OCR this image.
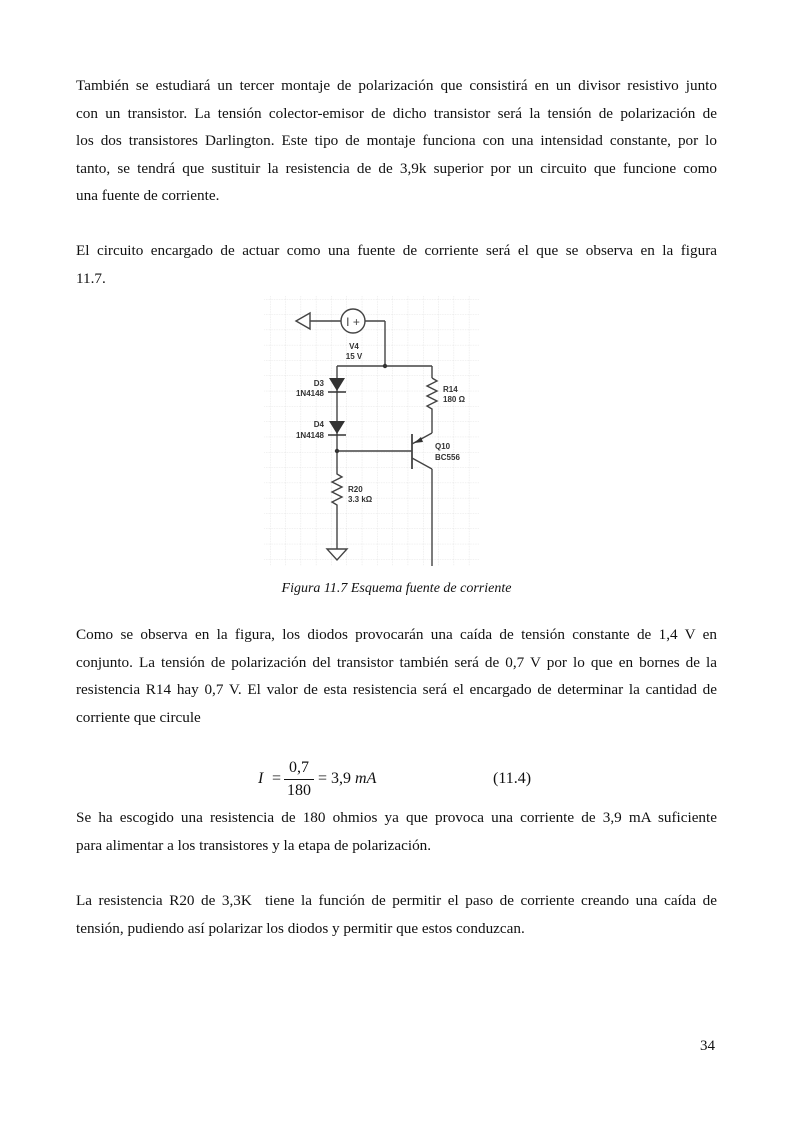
También se estudiará un tercer montaje de polarización que consistirá en un divisor resistivo junto
con un transistor. La tensión colector-emisor de dicho transistor será la tensión de polarización de
los dos transistores Darlington. Este tipo de montaje funciona con una intensidad constante, por lo
tanto, se tendrá que sustituir la resistencia de de 3,9k superior por un circuito que funcione como
una fuente de corriente.

El circuito encargado de actuar como una fuente de corriente será el que se observa en la figura
11.7.

I +
V4
15 V
D3
1N4148
D4
1N4148
R14
180 Ω
Q10
BC556
R20
3.3 kΩ
Figura 11.7 Esquema fuente de corriente

Como se observa en la figura, los diodos provocarán una caída de tensión constante de 1,4 V en
conjunto. La tensión de polarización del transistor también será de 0,7 V por lo que en bornes de la
resistencia R14 hay 0,7 V. El valor de esta resistencia será el encargado de determinar la cantidad de
corriente que circule

I =
0,7
180
= 3,9 mA	(11.4)

Se ha escogido una resistencia de 180 ohmios ya que provoca una corriente de 3,9 mA suficiente
para alimentar a los transistores y la etapa de polarización.

La resistencia R20 de 3,3K  tiene la función de permitir el paso de corriente creando una caída de
tensión, pudiendo así polarizar los diodos y permitir que estos conduzcan.

34
